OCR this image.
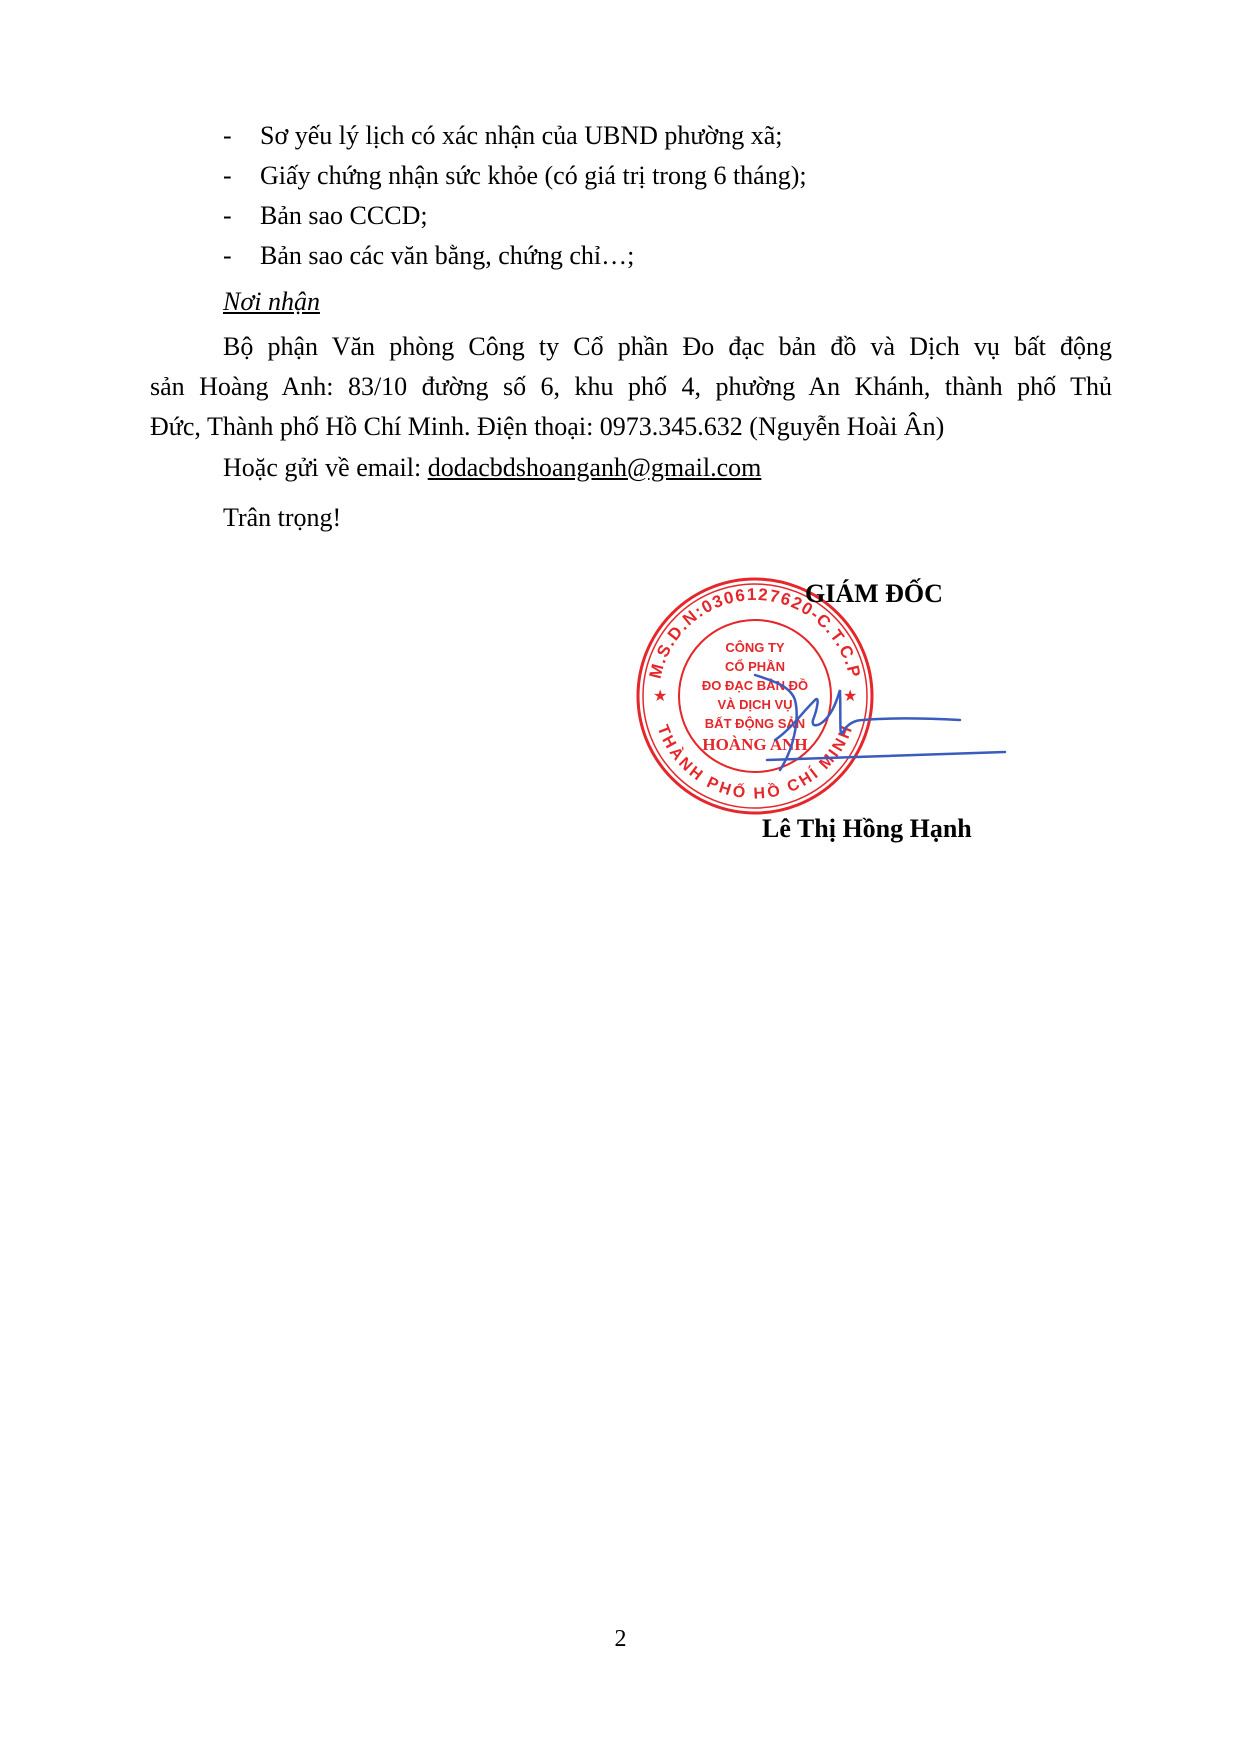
-	Sơ yếu lý lịch có xác nhận của UBND phường xã;
-	Giấy chứng nhận sức khỏe (có giá trị trong 6 tháng);
-	Bản sao CCCD;
-	Bản sao các văn bằng, chứng chỉ…;
Nơi nhận
Bộ phận Văn phòng Công ty Cổ phần Đo đạc bản đồ và Dịch vụ bất động
sản Hoàng Anh: 83/10 đường số 6, khu phố 4, phường An Khánh, thành phố Thủ
Đức, Thành phố Hồ Chí Minh. Điện thoại: 0973.345.632 (Nguyễn Hoài Ân)
Hoặc gửi về email: dodacbdshoanganh@gmail.com
Trân trọng!
M.S.D.N:0306127620-C.T.C.P
THÀNH PHỐ HỒ CHÍ MINH
★	★
CÔNG TY
CỔ PHẦN
ĐO ĐẠC BẢN ĐỒ
VÀ DỊCH VỤ
BẤT ĐỘNG SẢN
HOÀNG ANH
GIÁM ĐỐC
Lê Thị Hồng Hạnh
2
